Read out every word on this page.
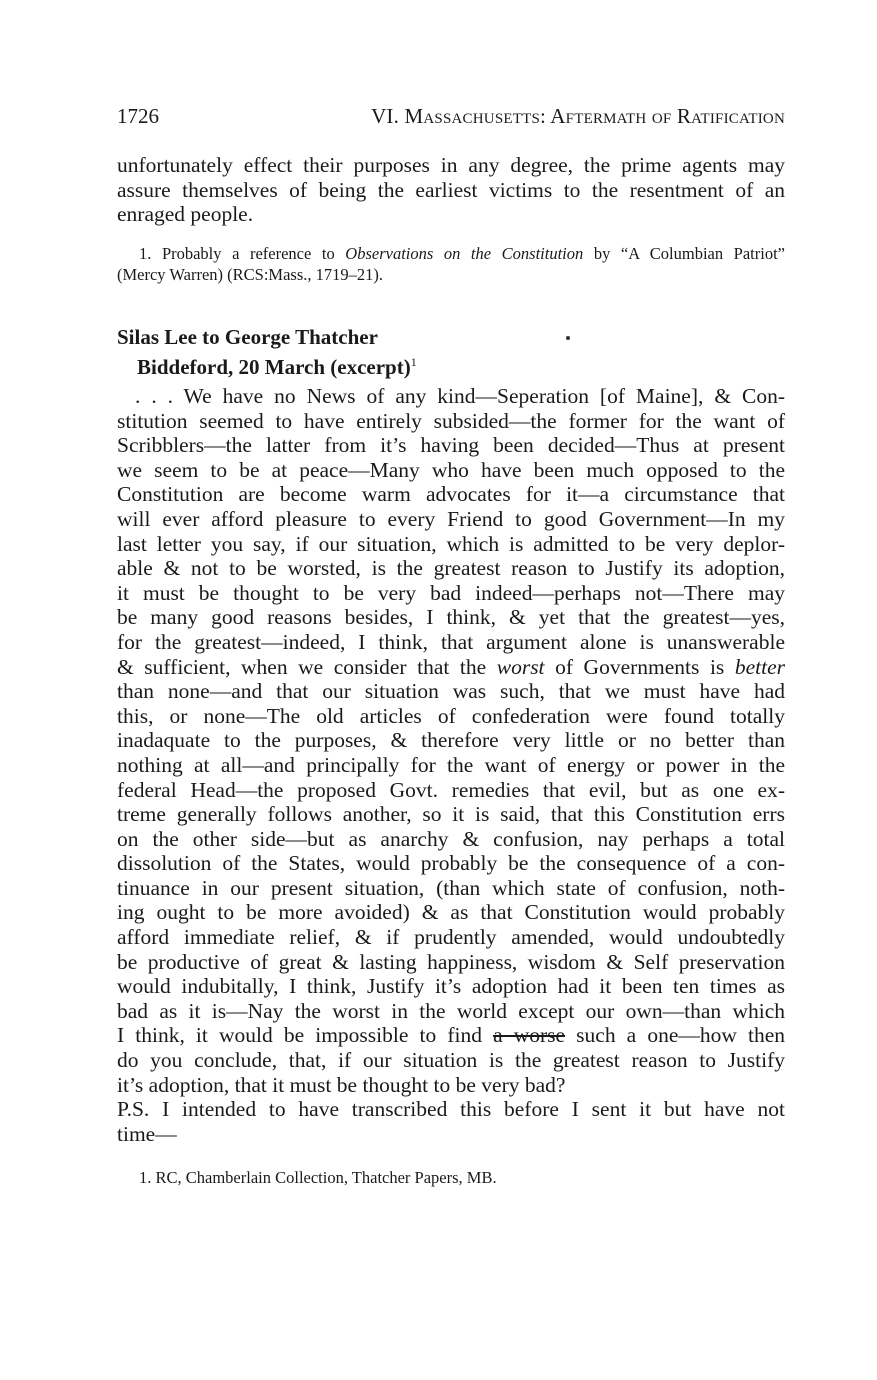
1726	VI. Massachusetts: Aftermath of Ratification
unfortunately effect their purposes in any degree, the prime agents may
assure themselves of being the earliest victims to the resentment of an
enraged people.
1. Probably a reference to Observations on the Constitution by “A Columbian Patriot”
(Mercy Warren) (RCS:Mass., 1719–21).
Silas Lee to George Thatcher
Biddeford, 20 March (excerpt)$^1$
. . . We have no News of any kind—Seperation [of Maine], & Con-
stitution seemed to have entirely subsided—the former for the want of
Scribblers—the latter from it’s having been decided—Thus at present
we seem to be at peace—Many who have been much opposed to the
Constitution are become warm advocates for it—a circumstance that
will ever afford pleasure to every Friend to good Government—In my
last letter you say, if our situation, which is admitted to be very deplor-
able & not to be worsted, is the greatest reason to Justify its adoption,
it must be thought to be very bad indeed—perhaps not—There may
be many good reasons besides, I think, & yet that the greatest—yes,
for the greatest—indeed, I think, that argument alone is unanswerable
& sufficient, when we consider that the worst of Governments is better
than none—and that our situation was such, that we must have had
this, or none—The old articles of confederation were found totally
inadaquate to the purposes, & therefore very little or no better than
nothing at all—and principally for the want of energy or power in the
federal Head—the proposed Govt. remedies that evil, but as one ex-
treme generally follows another, so it is said, that this Constitution errs
on the other side—but as anarchy & confusion, nay perhaps a total
dissolution of the States, would probably be the consequence of a con-
tinuance in our present situation, (than which state of confusion, noth-
ing ought to be more avoided) & as that Constitution would probably
afford immediate relief, & if prudently amended, would undoubtedly
be productive of great & lasting happiness, wisdom & Self preservation
would indubitally, I think, Justify it’s adoption had it been ten times as
bad as it is—Nay the worst in the world except our own—than which
I think, it would be impossible to find a worse such a one—how then
do you conclude, that, if our situation is the greatest reason to Justify
it’s adoption, that it must be thought to be very bad?
P.S. I intended to have transcribed this before I sent it but have not
time—
1. RC, Chamberlain Collection, Thatcher Papers, MB.
